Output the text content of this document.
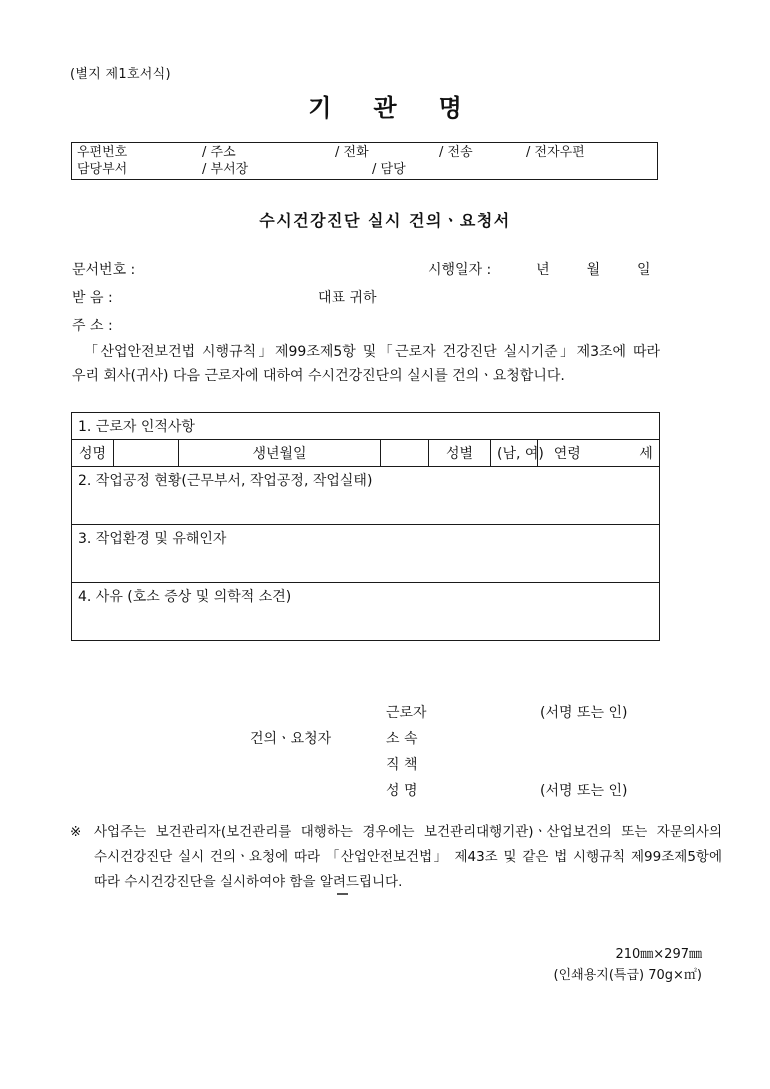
(별지 제1호서식)
기관명
우편번호	/ 주소	/ 전화	/ 전송	/ 전자우편
담당부서	/ 부서장	/ 담당
수시건강진단 실시 건의ㆍ요청서
문서번호 :	시행일자 :	년	월	일
받 음 :	대표 귀하
주 소 :
「산업안전보건법 시행규칙」제99조제5항 및「근로자 건강진단 실시기준」제3조에 따라 우리 회사(귀사) 다음 근로자에 대하여 수시건강진단의 실시를 건의ㆍ요청합니다.
1. 근로자 인적사항
성명		생년월일		성별	(남, 여)	연령	세
2. 작업공정 현황(근무부서, 작업공정, 작업실태)
3. 작업환경 및 유해인자
4. 사유 (호소 증상 및 의학적 소견)
근로자	(서명 또는 인)
건의ㆍ요청자	소 속
직 책
성 명	(서명 또는 인)
※ 사업주는 보건관리자(보건관리를 대행하는 경우에는 보건관리대행기관)ㆍ산업보건의 또는 자문의사의 수시건강진단 실시 건의ㆍ요청에 따라 「산업안전보건법」 제43조 및 같은 법 시행규칙 제99조제5항에 따라 수시건강진단을 실시하여야 함을 알려드립니다.
210㎜×297㎜
(인쇄용지(특급) 70g×㎡)
